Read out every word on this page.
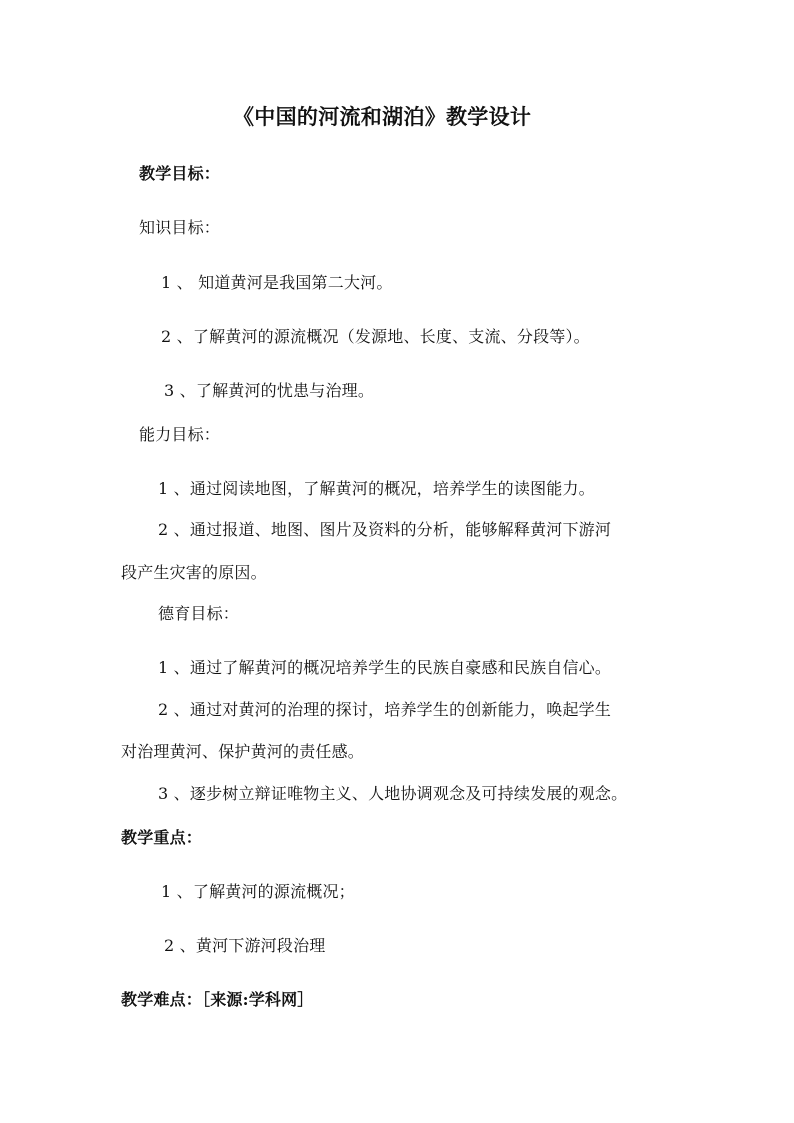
《中国的河流和湖泊》教学设计
教学目标：
知识目标：
1 、 知道黄河是我国第二大河。
2 、了解黄河的源流概况（发源地、长度、支流、分段等）。
3 、了解黄河的忧患与治理。
能力目标：
1 、通过阅读地图，了解黄河的概况，培养学生的读图能力。
2 、通过报道、地图、图片及资料的分析，能够解释黄河下游河
段产生灾害的原因。
德育目标：
1 、通过了解黄河的概况培养学生的民族自豪感和民族自信心。
2 、通过对黄河的治理的探讨，培养学生的创新能力，唤起学生
对治理黄河、保护黄河的责任感。
3 、逐步树立辩证唯物主义、人地协调观念及可持续发展的观念。
教学重点：
1 、了解黄河的源流概况；
2 、黄河下游河段治理
教学难点：［来源:学科网］
